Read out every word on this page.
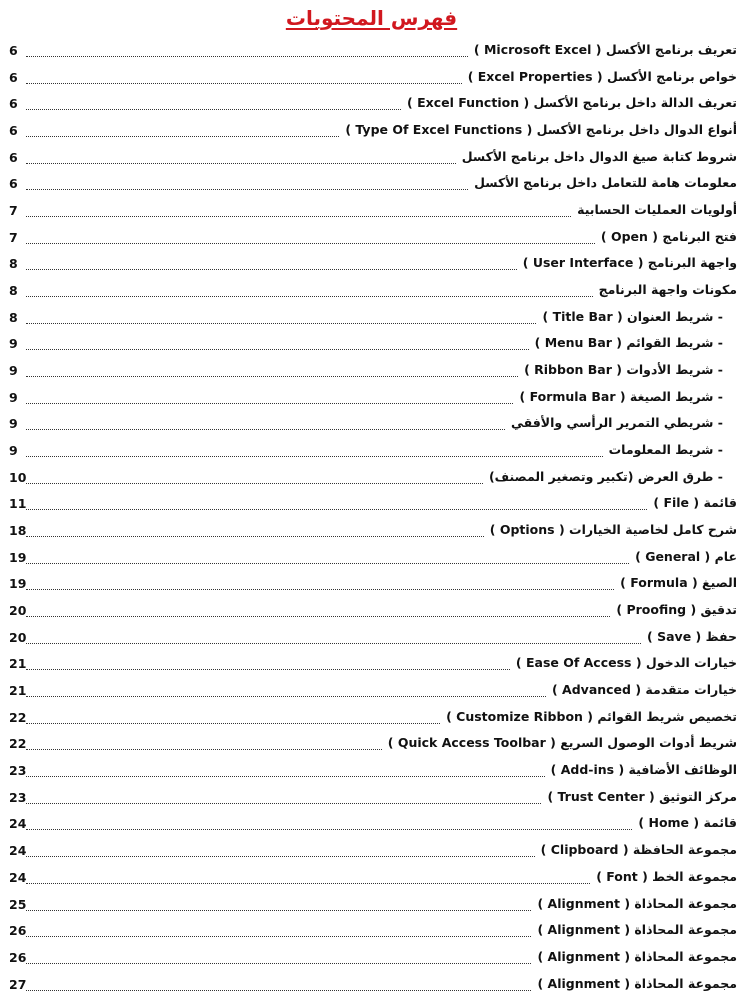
فهرس المحتويات
6	تعريف برنامج الأكسل ( Microsoft Excel )
6	خواص برنامج الأكسل ( Excel Properties )
6	تعريف الدالة داخل برنامج الأكسل ( Excel Function )
6	أنواع الدوال داخل برنامج الأكسل ( Type Of Excel Functions )
6	شروط كتابة صيغ الدوال داخل برنامج الأكسل
6	معلومات هامة للتعامل داخل برنامج الأكسل
7	أولويات العمليات الحسابية
7	فتح البرنامج ( Open )
8	واجهة البرنامج ( User Interface )
8	مكونات واجهة البرنامج
8	- شريط العنوان ( Title Bar )
9	- شريط القوائم ( Menu Bar )
9	- شريط الأدوات ( Ribbon Bar )
9	- شريط الصيغة ( Formula Bar )
9	- شريطي التمرير الرأسي والأفقي
9	- شريط المعلومات
10	- طرق العرض (تكبير وتصغير المصنف)
11	قائمة ( File )
18	شرح كامل لخاصية الخيارات ( Options )
19	عام ( General )
19	الصيغ ( Formula )
20	تدقيق ( Proofing )
20	حفظ ( Save )
21	خيارات الدخول ( Ease Of Access )
21	خيارات متقدمة ( Advanced )
22	تخصيص شريط القوائم ( Customize Ribbon )
22	شريط أدوات الوصول السريع ( Quick Access Toolbar )
23	الوظائف الأضافية ( Add-ins )
23	مركز التوثيق ( Trust Center )
24	قائمة ( Home )
24	مجموعة الحافظة ( Clipboard )
24	مجموعة الخط ( Font )
25	مجموعة المحاذاة ( Alignment )
26	مجموعة المحاذاة ( Alignment )
26	مجموعة المحاذاة ( Alignment )
27	مجموعة المحاذاة ( Alignment )
